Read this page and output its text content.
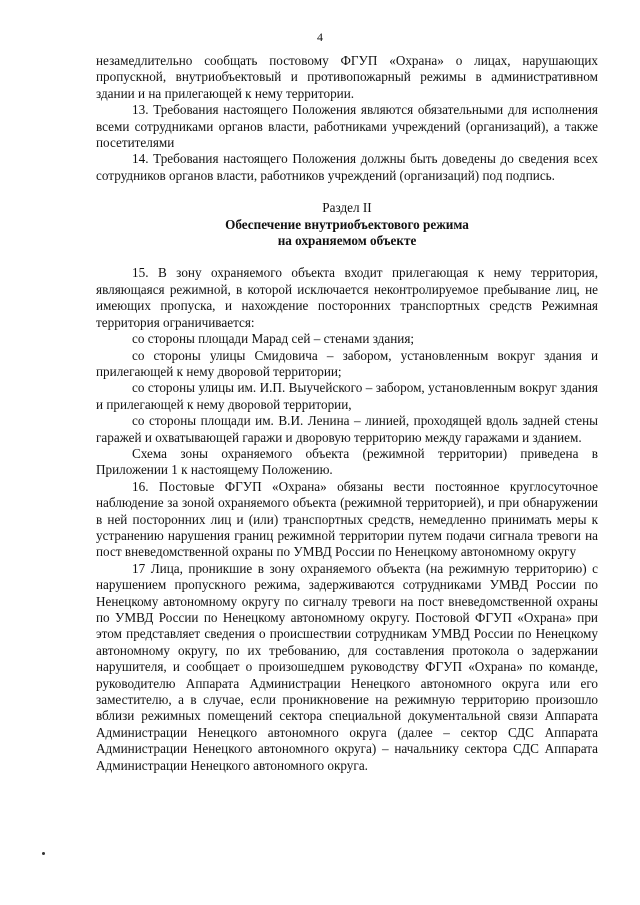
4

незамедлительно сообщать постовому ФГУП «Охрана» о лицах, нарушающих пропускной, внутриобъектовый и противопожарный режимы в административном здании и на прилегающей к нему территории.

13. Требования настоящего Положения являются обязательными для исполнения всеми сотрудниками органов власти, работниками учреждений (организаций), а также посетителями

14. Требования настоящего Положения должны быть доведены до сведения всех сотрудников органов власти, работников учреждений (организаций) под подпись.

Раздел II
Обеспечение внутриобъектового режима
на охраняемом объекте

15. В зону охраняемого объекта входит прилегающая к нему территория, являющаяся режимной, в которой исключается неконтролируемое пребывание лиц, не имеющих пропуска, и нахождение посторонних транспортных средств Режимная территория ограничивается:

со стороны площади Марад сей – стенами здания;

со стороны улицы Смидовича – забором, установленным вокруг здания и прилегающей к нему дворовой территории;

со стороны улицы им. И.П. Выучейского – забором, установленным вокруг здания и прилегающей к нему дворовой территории,

со стороны площади им. В.И. Ленина – линией, проходящей вдоль задней стены гаражей и охватывающей гаражи и дворовую территорию между гаражами и зданием.

Схема зоны охраняемого объекта (режимной территории) приведена в Приложении 1 к настоящему Положению.

16. Постовые ФГУП «Охрана» обязаны вести постоянное круглосуточное наблюдение за зоной охраняемого объекта (режимной территорией), и при обнаружении в ней посторонних лиц и (или) транспортных средств, немедленно принимать меры к устранению нарушения границ режимной территории путем подачи сигнала тревоги на пост вневедомственной охраны по УМВД России по Ненецкому автономному округу

17 Лица, проникшие в зону охраняемого объекта (на режимную территорию) с нарушением пропускного режима, задерживаются сотрудниками УМВД России по Ненецкому автономному округу по сигналу тревоги на пост вневедомственной охраны по УМВД России по Ненецкому автономному округу. Постовой ФГУП «Охрана» при этом представляет сведения о происшествии сотрудникам УМВД России по Ненецкому автономному округу, по их требованию, для составления протокола о задержании нарушителя, и сообщает о произошедшем руководству ФГУП «Охрана» по команде, руководителю Аппарата Администрации Ненецкого автономного округа или его заместителю, а в случае, если проникновение на режимную территорию произошло вблизи режимных помещений сектора специальной документальной связи Аппарата Администрации Ненецкого автономного округа (далее – сектор СДС Аппарата Администрации Ненецкого автономного округа) – начальнику сектора СДС Аппарата Администрации Ненецкого автономного округа.
